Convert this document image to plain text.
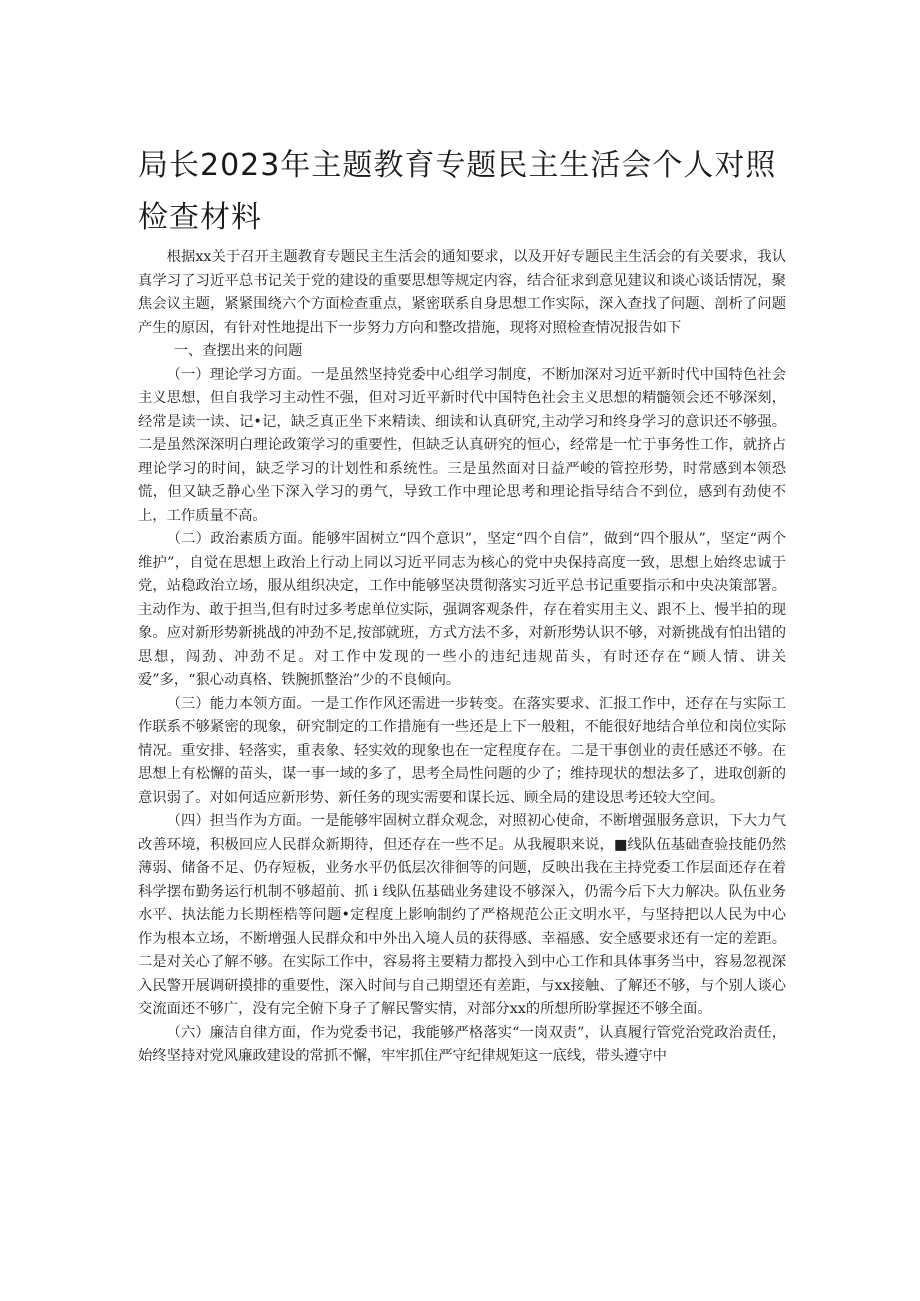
局长2023年主题教育专题民主生活会个人对照检查材料

根据xx关于召开主题教育专题民主生活会的通知要求，以及开好专题民主生活会的有关要求，我认真学习了习近平总书记关于党的建设的重要思想等规定内容，结合征求到意见建议和谈心谈话情况，聚焦会议主题，紧紧围绕六个方面检查重点，紧密联系自身思想工作实际，深入查找了问题、剖析了问题产生的原因，有针对性地提出下一步努力方向和整改措施，现将对照检查情况报告如下

一、查摆出来的问题

（一）理论学习方面。一是虽然坚持党委中心组学习制度，不断加深对习近平新时代中国特色社会主义思想，但自我学习主动性不强，但对习近平新时代中国特色社会主义思想的精髓领会还不够深刻，经常是读一读、记•记，缺乏真正坐下来精读、细读和认真研究,主动学习和终身学习的意识还不够强。二是虽然深深明白理论政策学习的重要性，但缺乏认真研究的恒心，经常是一忙于事务性工作，就挤占理论学习的时间，缺乏学习的计划性和系统性。三是虽然面对日益严峻的管控形势，时常感到本领恐慌，但又缺乏静心坐下深入学习的勇气，导致工作中理论思考和理论指导结合不到位，感到有劲使不上，工作质量不高。

（二）政治素质方面。能够牢固树立“四个意识”，坚定“四个自信”，做到“四个服从”，坚定“两个维护”，自觉在思想上政治上行动上同以习近平同志为核心的党中央保持高度一致，思想上始终忠诚于党，站稳政治立场，服从组织决定，工作中能够坚决贯彻落实习近平总书记重要指示和中央决策部署。主动作为、敢于担当,但有时过多考虑单位实际，强调客观条件，存在着实用主义、跟不上、慢半拍的现象。应对新形势新挑战的冲劲不足,按部就班，方式方法不多，对新形势认识不够，对新挑战有怕出错的思想，闯劲、冲劲不足。对工作中发现的一些小的违纪违规苗头，有时还存在“顾人情、讲关爱”多，“狠心动真格、铁腕抓整治”少的不良倾向。

（三）能力本领方面。一是工作作风还需进一步转变。在落实要求、汇报工作中，还存在与实际工作联系不够紧密的现象，研究制定的工作措施有一些还是上下一般粗，不能很好地结合单位和岗位实际情况。重安排、轻落实，重表象、轻实效的现象也在一定程度存在。二是干事创业的责任感还不够。在思想上有松懈的苗头，谋一事一域的多了，思考全局性问题的少了；维持现状的想法多了，进取创新的意识弱了。对如何适应新形势、新任务的现实需要和谋长远、顾全局的建设思考还较大空间。

（四）担当作为方面。一是能够牢固树立群众观念，对照初心使命，不断增强服务意识，下大力气改善环境，积极回应人民群众新期待，但还存在一些不足。从我履职来说，■线队伍基础查验技能仍然薄弱、储备不足、仍存短板，业务水平仍低层次徘徊等的问题，反映出我在主持党委工作层面还存在着科学摆布勤务运行机制不够超前、抓 i 线队伍基础业务建设不够深入，仍需今后下大力解决。队伍业务水平、执法能力长期桎梏等问题•定程度上影响制约了严格规范公正文明水平，与坚持把以人民为中心作为根本立场，不断增强人民群众和中外出入境人员的获得感、幸福感、安全感要求还有一定的差距。二是对关心了解不够。在实际工作中，容易将主要精力都投入到中心工作和具体事务当中，容易忽视深入民警开展调研摸排的重要性，深入时间与自己期望还有差距，与xx接触、了解还不够，与个别人谈心交流面还不够广，没有完全俯下身子了解民警实情，对部分xx的所想所盼掌握还不够全面。

（六）廉洁自律方面，作为党委书记，我能够严格落实“一岗双责”，认真履行管党治党政治责任，始终坚持对党风廉政建设的常抓不懈，牢牢抓住严守纪律规矩这一底线，带头遵守中
